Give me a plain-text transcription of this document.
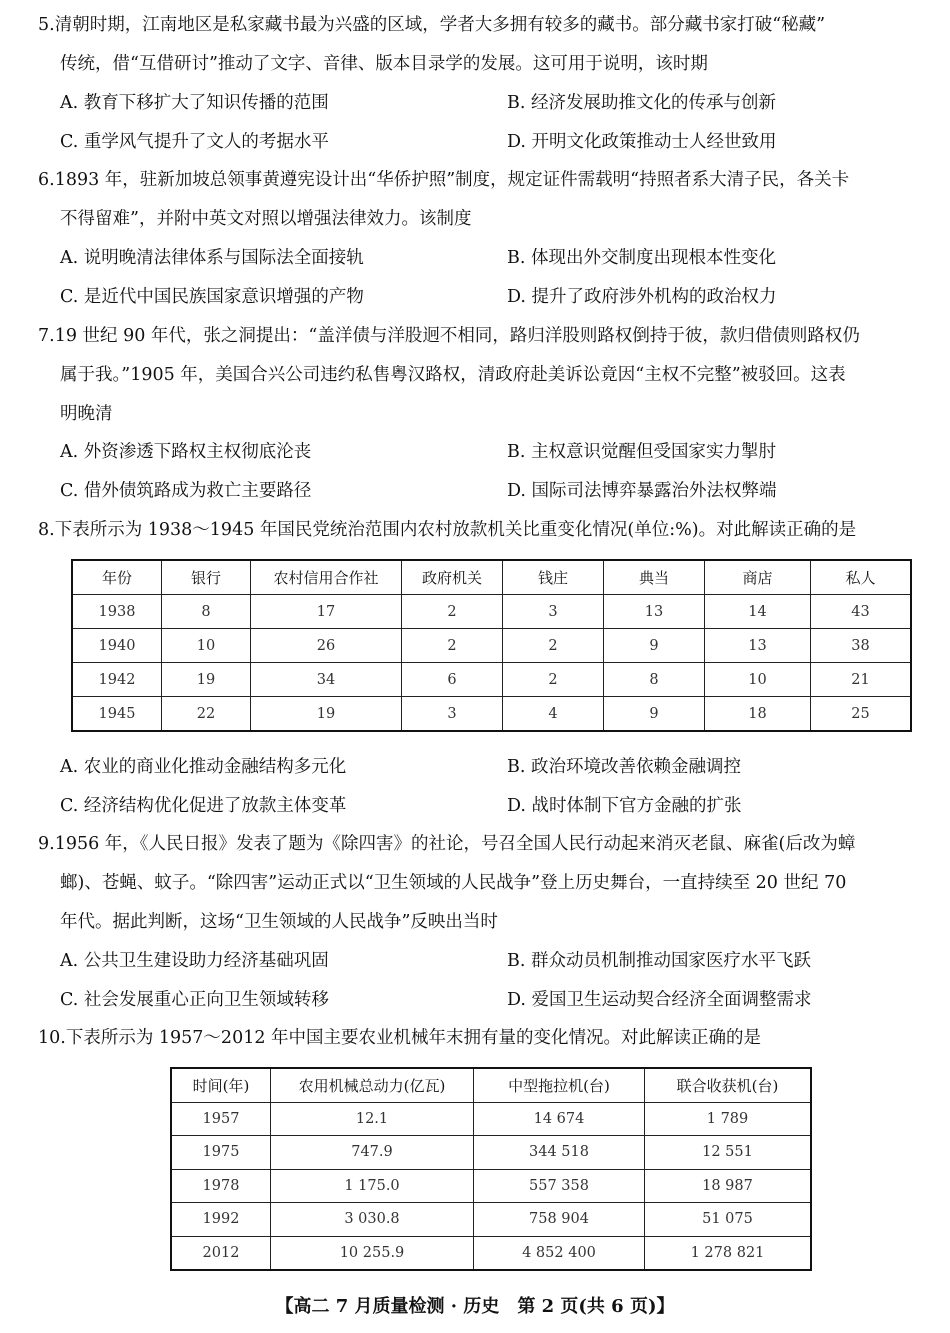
5.清朝时期，江南地区是私家藏书最为兴盛的区域，学者大多拥有较多的藏书。部分藏书家打破“秘藏”
传统，借“互借研讨”推动了文字、音律、版本目录学的发展。这可用于说明，该时期
A. 教育下移扩大了知识传播的范围	B. 经济发展助推文化的传承与创新
C. 重学风气提升了文人的考据水平	D. 开明文化政策推动士人经世致用
6.1893 年，驻新加坡总领事黄遵宪设计出“华侨护照”制度，规定证件需载明“持照者系大清子民，各关卡
不得留难”，并附中英文对照以增强法律效力。该制度
A. 说明晚清法律体系与国际法全面接轨	B. 体现出外交制度出现根本性变化
C. 是近代中国民族国家意识增强的产物	D. 提升了政府涉外机构的政治权力
7.19 世纪 90 年代，张之洞提出：“盖洋债与洋股迥不相同，路归洋股则路权倒持于彼，款归借债则路权仍
属于我。”1905 年，美国合兴公司违约私售粤汉路权，清政府赴美诉讼竟因“主权不完整”被驳回。这表
明晚清
A. 外资渗透下路权主权彻底沦丧	B. 主权意识觉醒但受国家实力掣肘
C. 借外债筑路成为救亡主要路径	D. 国际司法博弈暴露治外法权弊端
8.下表所示为 1938～1945 年国民党统治范围内农村放款机关比重变化情况(单位:%)。对此解读正确的是
年份	银行	农村信用合作社	政府机关	钱庄	典当	商店	私人
1938	8	17	2	3	13	14	43
1940	10	26	2	2	9	13	38
1942	19	34	6	2	8	10	21
1945	22	19	3	4	9	18	25
A. 农业的商业化推动金融结构多元化	B. 政治环境改善依赖金融调控
C. 经济结构优化促进了放款主体变革	D. 战时体制下官方金融的扩张
9.1956 年，《人民日报》发表了题为《除四害》的社论，号召全国人民行动起来消灭老鼠、麻雀(后改为蟑
螂)、苍蝇、蚊子。“除四害”运动正式以“卫生领域的人民战争”登上历史舞台，一直持续至 20 世纪 70
年代。据此判断，这场“卫生领域的人民战争”反映出当时
A. 公共卫生建设助力经济基础巩固	B. 群众动员机制推动国家医疗水平飞跃
C. 社会发展重心正向卫生领域转移	D. 爱国卫生运动契合经济全面调整需求
10.下表所示为 1957～2012 年中国主要农业机械年末拥有量的变化情况。对此解读正确的是
时间(年)	农用机械总动力(亿瓦)	中型拖拉机(台)	联合收获机(台)
1957	12.1	14 674	1 789
1975	747.9	344 518	12 551
1978	1 175.0	557 358	18 987
1992	3 030.8	758 904	51 075
2012	10 255.9	4 852 400	1 278 821
【高二 7 月质量检测 · 历史　第 2 页(共 6 页)】
